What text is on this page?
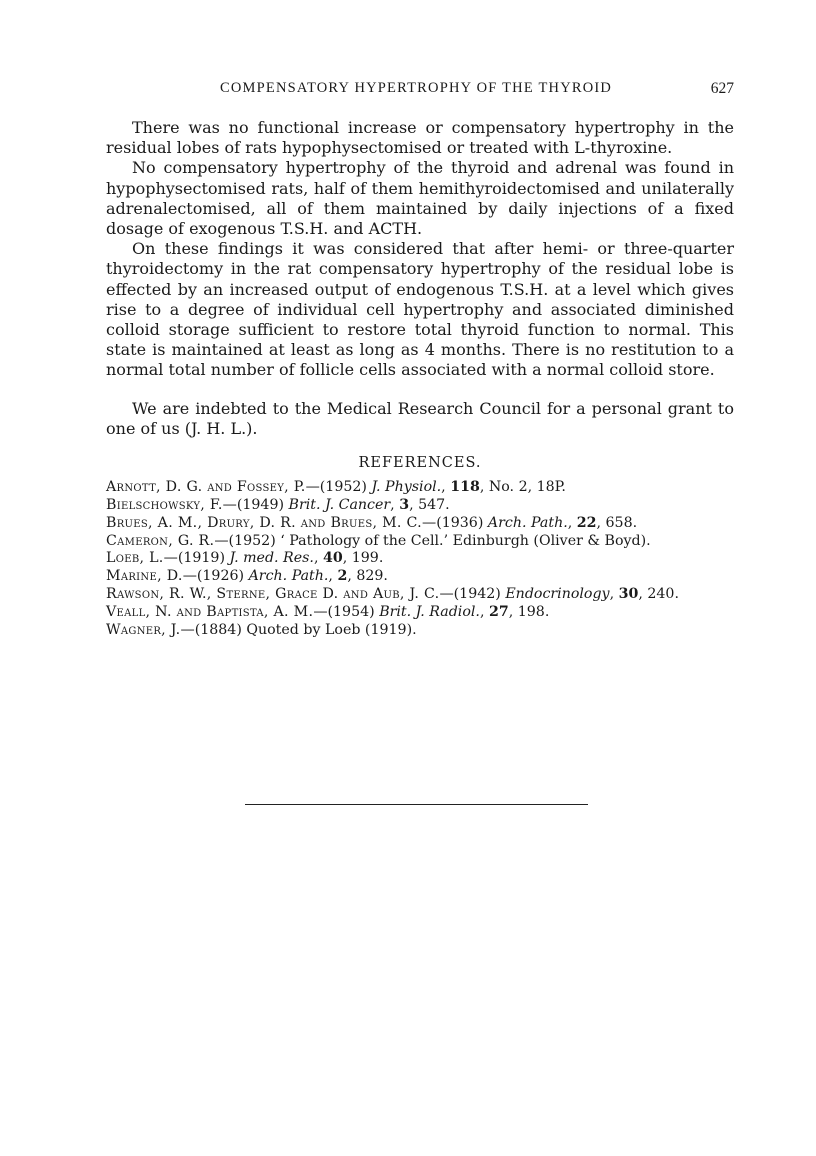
COMPENSATORY HYPERTROPHY OF THE THYROID	627

There was no functional increase or compensatory hypertrophy in the residual lobes of rats hypophysectomised or treated with L-thyroxine.

No compensatory hypertrophy of the thyroid and adrenal was found in hypophysectomised rats, half of them hemithyroidectomised and unilaterally adrenalectomised, all of them maintained by daily injections of a fixed dosage of exogenous T.S.H. and ACTH.

On these findings it was considered that after hemi- or three-quarter thyroidectomy in the rat compensatory hypertrophy of the residual lobe is effected by an increased output of endogenous T.S.H. at a level which gives rise to a degree of individual cell hypertrophy and associated diminished colloid storage sufficient to restore total thyroid function to normal. This state is maintained at least as long as 4 months. There is no restitution to a normal total number of follicle cells associated with a normal colloid store.

We are indebted to the Medical Research Council for a personal grant to one of us (J. H. L.).

REFERENCES.
Arnott, D. G. and Fossey, P.—(1952) J. Physiol., 118, No. 2, 18P.
Bielschowsky, F.—(1949) Brit. J. Cancer, 3, 547.
Brues, A. M., Drury, D. R. and Brues, M. C.—(1936) Arch. Path., 22, 658.
Cameron, G. R.—(1952) ‘ Pathology of the Cell.’ Edinburgh (Oliver & Boyd).
Loeb, L.—(1919) J. med. Res., 40, 199.
Marine, D.—(1926) Arch. Path., 2, 829.
Rawson, R. W., Sterne, Grace D. and Aub, J. C.—(1942) Endocrinology, 30, 240.
Veall, N. and Baptista, A. M.—(1954) Brit. J. Radiol., 27, 198.
Wagner, J.—(1884) Quoted by Loeb (1919).
